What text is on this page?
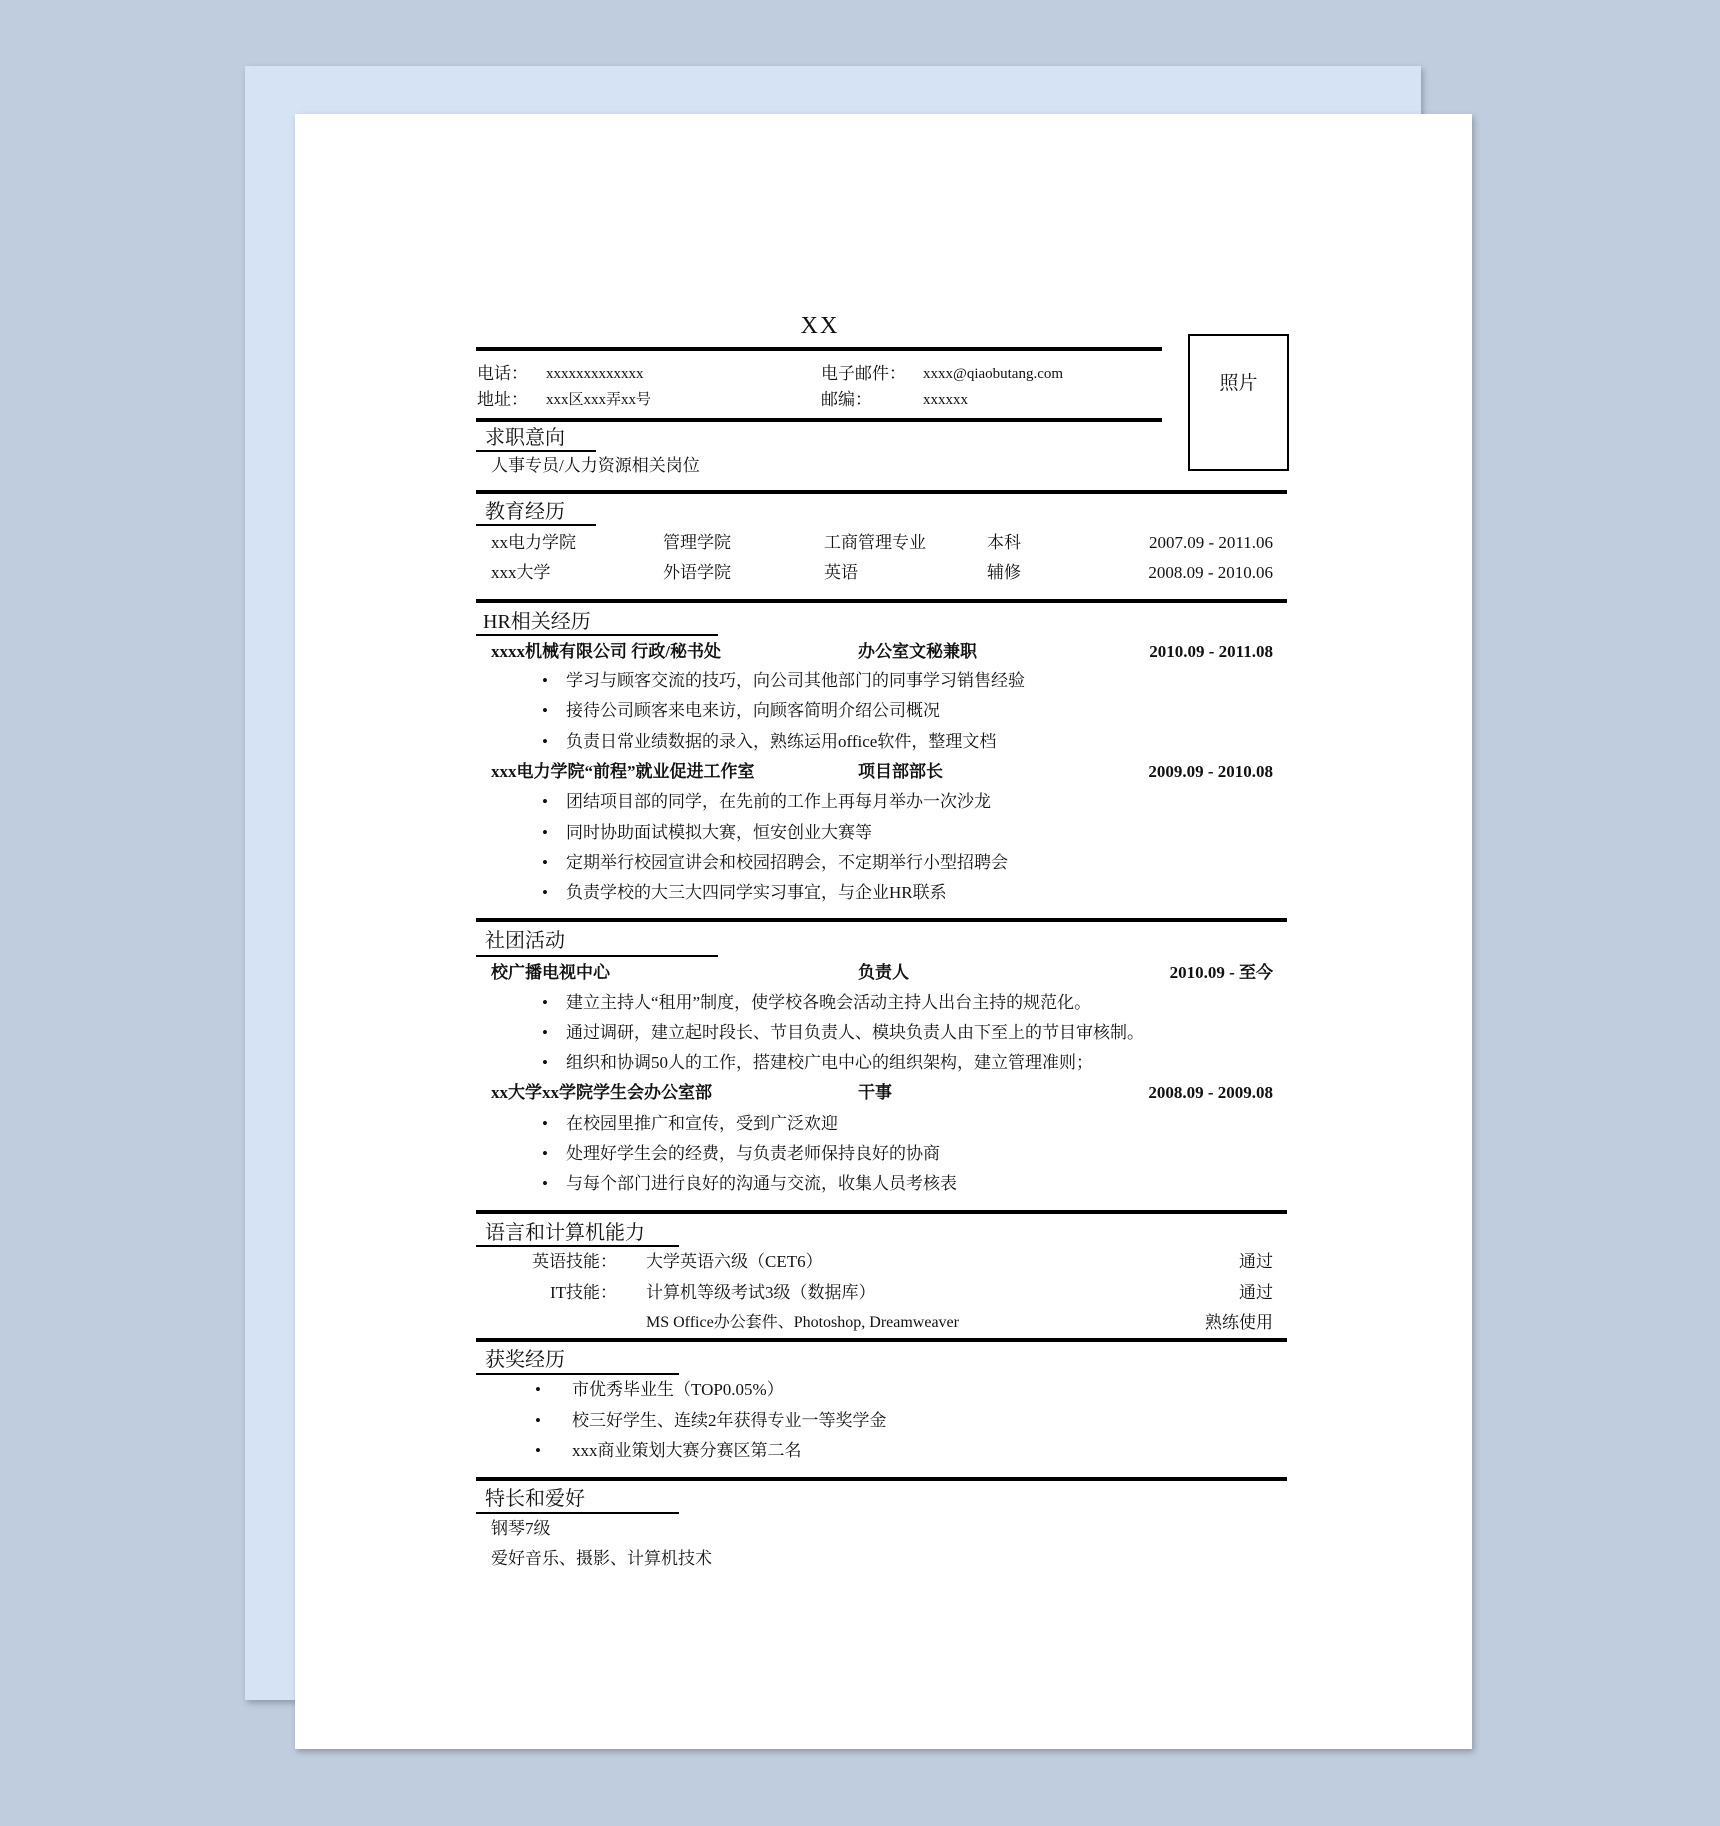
XX
照片
电话： xxxxxxxxxxxxx	电子邮件： xxxx@qiaobutang.com
地址： xxx区xxx弄xx号	邮编：	xxxxxx
求职意向
人事专员/人力资源相关岗位
教育经历
xx电力学院	管理学院	工商管理专业	本科	2007.09 - 2011.06
xxx大学	外语学院	英语	辅修	2008.09 - 2010.06
HR相关经历
xxxx机械有限公司 行政/秘书处	办公室文秘兼职	2010.09 - 2011.08
• 学习与顾客交流的技巧，向公司其他部门的同事学习销售经验
• 接待公司顾客来电来访，向顾客简明介绍公司概况
• 负责日常业绩数据的录入，熟练运用office软件，整理文档
xxx电力学院“前程”就业促进工作室	项目部部长	2009.09 - 2010.08
• 团结项目部的同学，在先前的工作上再每月举办一次沙龙
• 同时协助面试模拟大赛，恒安创业大赛等
• 定期举行校园宣讲会和校园招聘会，不定期举行小型招聘会
• 负责学校的大三大四同学实习事宜，与企业HR联系
社团活动
校广播电视中心	负责人	2010.09 - 至今
• 建立主持人“租用”制度，使学校各晚会活动主持人出台主持的规范化。
• 通过调研，建立起时段长、节目负责人、模块负责人由下至上的节目审核制。
• 组织和协调50人的工作，搭建校广电中心的组织架构，建立管理准则；
xx大学xx学院学生会办公室部	干事	2008.09 - 2009.08
• 在校园里推广和宣传，受到广泛欢迎
• 处理好学生会的经费，与负责老师保持良好的协商
• 与每个部门进行良好的沟通与交流，收集人员考核表
语言和计算机能力
英语技能： 大学英语六级（CET6）	通过
IT技能： 计算机等级考试3级（数据库）	通过
MS Office办公套件、Photoshop, Dreamweaver	熟练使用
获奖经历
• 市优秀毕业生（TOP0.05%）
• 校三好学生、连续2年获得专业一等奖学金
• xxx商业策划大赛分赛区第二名
特长和爱好
钢琴7级
爱好音乐、摄影、计算机技术
